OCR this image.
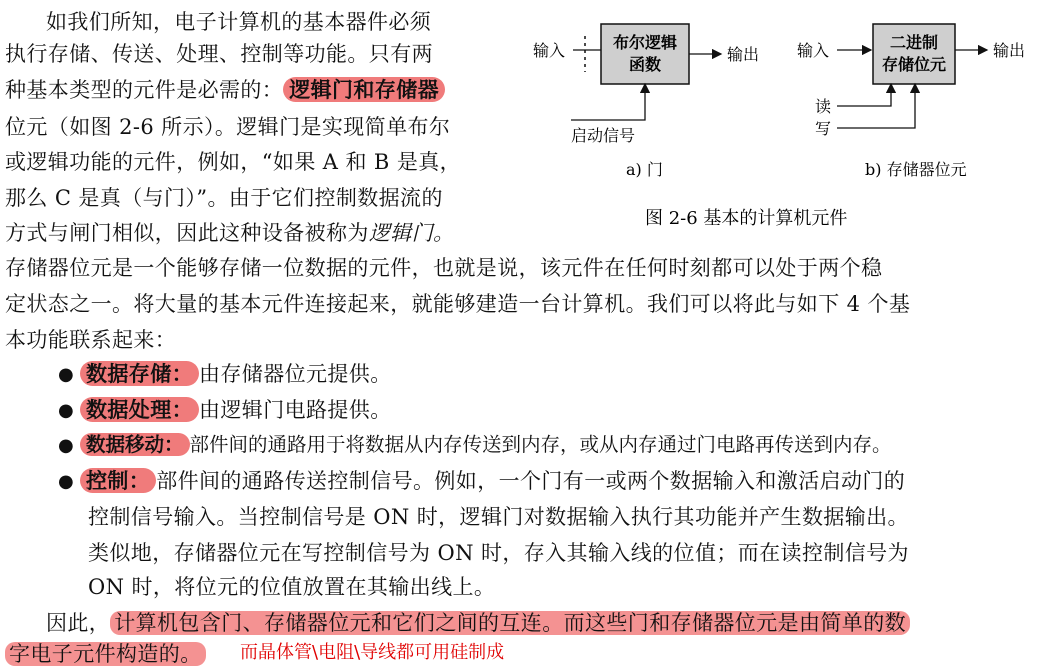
如我们所知，电子计算机的基本器件必须
执行存储、传送、处理、控制等功能。只有两
种基本类型的元件是必需的： 逻辑门和存储器
位元（如图 2-6 所示）。逻辑门是实现简单布尔
或逻辑功能的元件，例如，“如果 A 和 B 是真，
那么 C 是真（与门）”。由于它们控制数据流的
方式与闸门相似，因此这种设备被称为逻辑门。
布尔逻辑
函数
输入	输出
启动信号
a) 门
二进制
存储位元
输入	输出
读
写
b) 存储器位元
图 2-6 基本的计算机元件
存储器位元是一个能够存储一位数据的元件，也就是说，该元件在任何时刻都可以处于两个稳
定状态之一。将大量的基本元件连接起来，就能够建造一台计算机。我们可以将此与如下 4 个基
本功能联系起来：
● 数据存储： 由存储器位元提供。
● 数据处理： 由逻辑门电路提供。
● 数据移动： 部件间的通路用于将数据从内存传送到内存，或从内存通过门电路再传送到内存。
● 控制： 部件间的通路传送控制信号。例如，一个门有一或两个数据输入和激活启动门的
控制信号输入。当控制信号是 ON 时，逻辑门对数据输入执行其功能并产生数据输出。
类似地，存储器位元在写控制信号为 ON 时，存入其输入线的位值；而在读控制信号为
ON 时，将位元的位值放置在其输出线上。
因此， 计算机包含门、存储器位元和它们之间的互连。而这些门和存储器位元是由简单的数
字电子元件构造的。 而晶体管\电阻\导线都可用硅制成
